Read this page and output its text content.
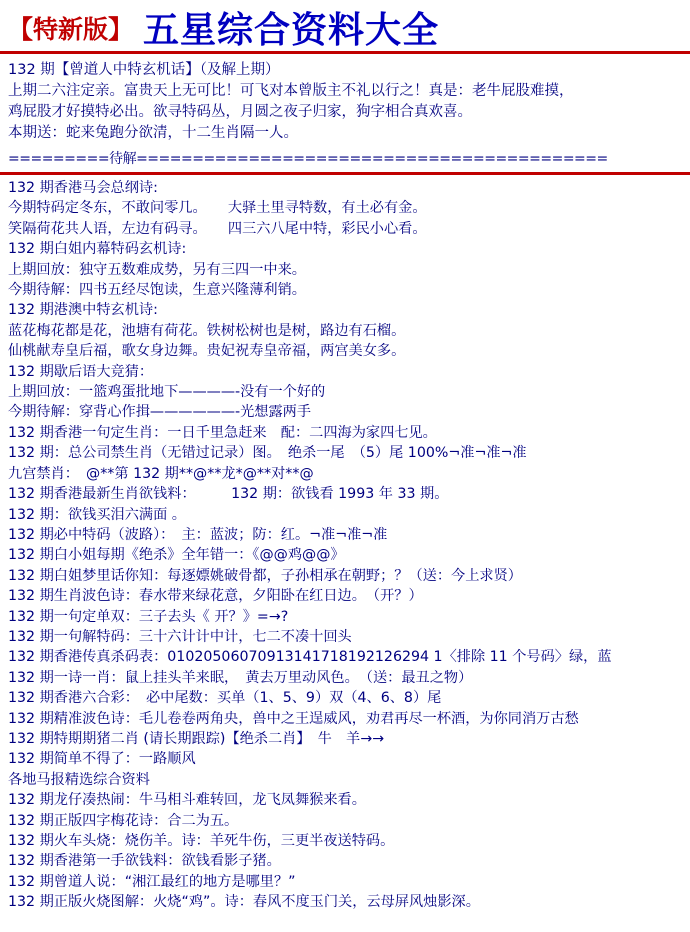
【特新版】 五星综合资料大全
132 期【曾道人中特玄机话】（及解上期）
上期二六注定亲。富贵天上无可比！可飞对本曾版主不礼以行之！真是：老牛屁股难摸，
鸡屁股才好摸特必出。欲寻特码丛，月圆之夜子归家，狗字相合真欢喜。
本期送：蛇来兔跑分欲清，十二生肖隔一人。
=========待解==========================================
132 期香港马会总纲诗:
今期特码定冬东，不敢问零几。　　大驿土里寻特数，有土必有金。
笑隔荷花共人语，左边有码寻。　　四三六八尾中特，彩民小心看。
132 期白姐内幕特码玄机诗:
上期回放：独守五数难成势，另有三四一中来。
今期待解：四书五经尽饱读，生意兴隆薄利销。
132 期港澳中特玄机诗:
蓝花梅花都是花，池塘有荷花。铁树松树也是树，路边有石榴。
仙桃献寿皇后福，歌女身边舞。贵妃祝寿皇帝福，两宫美女多。
132 期歇后语大竞猜：
上期回放：一篮鸡蛋批地下————-没有一个好的
今期待解：穿背心作揖——————-光想露两手
132 期香港一句定生肖：一日千里急赶来　配：二四海为家四七见。
132 期：总公司禁生肖（无错过记录）图。　绝杀一尾　（5）尾 100%¬准¬准¬准
九宫禁肖：　@**第 132 期**@**龙*@**对**@
132 期香港最新生肖欲钱料：　　　132 期：欲钱看 1993 年 33 期。
132 期：欲钱买泪六满面 。
132 期必中特码（波路）：　主：蓝波；防：红。¬准¬准¬准
132 期白小姐每期《绝杀》全年错一：《@@鸡@@》
132 期白姐梦里话你知：每逐嫖姚破骨都，子孙相承在朝野；？（送：今上求贤）
132 期生肖波色诗：春水带来绿花意，夕阳卧在红日边。　（开？）
132 期一句定单双：三子去头《 开？》=→?
132 期一句解特码：三十六计计中计，七二不凑十回头
132 期香港传真杀码表：01020506070913141718192126294 1〈排除 11 个号码〉绿，蓝
132 期一诗一肖：鼠上挂头羊来眠，　黄去万里动风色。　（送：最丑之物）
132 期香港六合彩：　必中尾数：买单（1、5、9）双（4、6、8）尾
132 期精准波色诗：毛儿卷卷两角央，兽中之王逞威风，劝君再尽一杯酒，为你同消万古愁
132 期特期期猪二肖 (请长期跟踪)【绝杀二肖】　牛　羊→→
132 期简单不得了：一路顺风
各地马报精选综合资料
132 期龙仔凑热闹：牛马相斗难转回，龙飞凤舞猴来看。
132 期正版四字梅花诗：合二为五。
132 期火车头烧：烧伤羊。诗：羊死牛伤，三更半夜送特码。
132 期香港第一手欲钱料：欲钱看影子猪。
132 期曾道人说：“湘江最红的地方是哪里？”
132 期正版火烧图解：火烧“鸡”。诗：春风不度玉门关，云母屏风烛影深。
